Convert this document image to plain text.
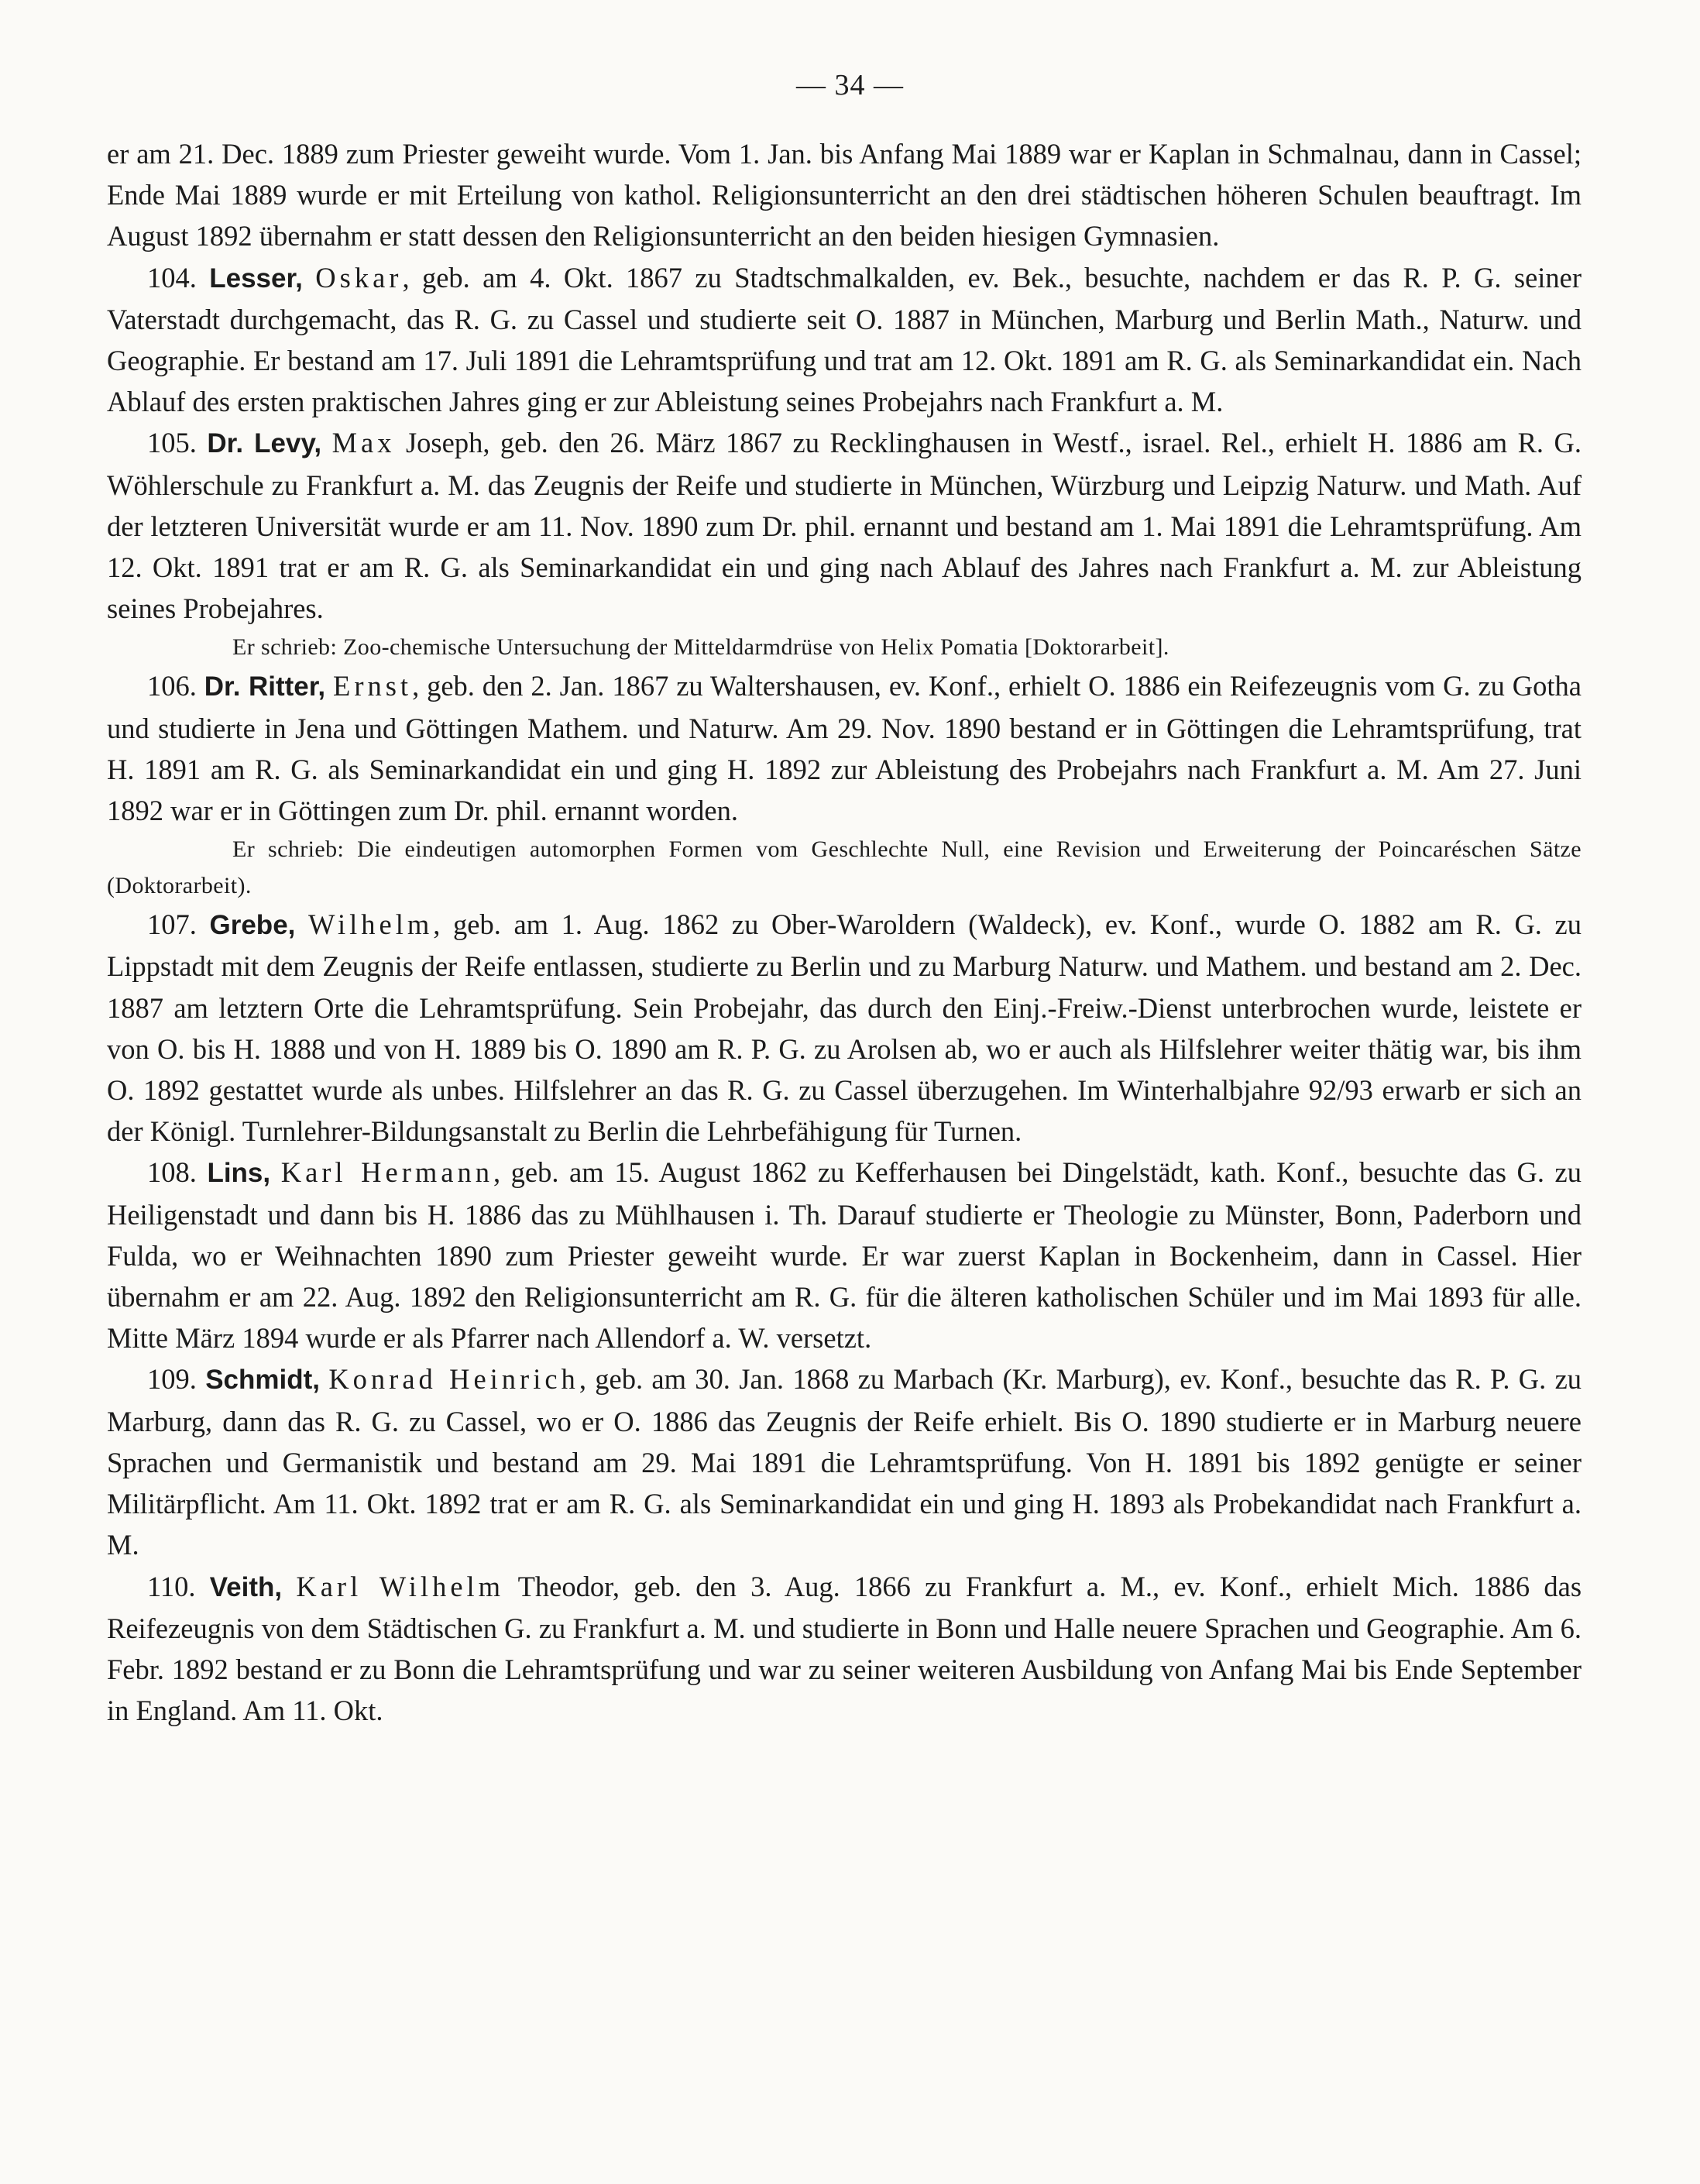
— 34 —

er am 21. Dec. 1889 zum Priester geweiht wurde. Vom 1. Jan. bis Anfang Mai 1889 war er Kaplan in Schmalnau, dann in Cassel; Ende Mai 1889 wurde er mit Erteilung von kathol. Religionsunterricht an den drei städtischen höheren Schulen beauftragt. Im August 1892 übernahm er statt dessen den Religionsunterricht an den beiden hiesigen Gymnasien.

104. Lesser, Oskar, geb. am 4. Okt. 1867 zu Stadtschmalkalden, ev. Bek., besuchte, nachdem er das R. P. G. seiner Vaterstadt durchgemacht, das R. G. zu Cassel und studierte seit O. 1887 in München, Marburg und Berlin Math., Naturw. und Geographie. Er bestand am 17. Juli 1891 die Lehramtsprüfung und trat am 12. Okt. 1891 am R. G. als Seminarkandidat ein. Nach Ablauf des ersten praktischen Jahres ging er zur Ableistung seines Probejahrs nach Frankfurt a. M.

105. Dr. Levy, Max Joseph, geb. den 26. März 1867 zu Recklinghausen in Westf., israel. Rel., erhielt H. 1886 am R. G. Wöhlerschule zu Frankfurt a. M. das Zeugnis der Reife und studierte in München, Würzburg und Leipzig Naturw. und Math. Auf der letzteren Universität wurde er am 11. Nov. 1890 zum Dr. phil. ernannt und bestand am 1. Mai 1891 die Lehramtsprüfung. Am 12. Okt. 1891 trat er am R. G. als Seminarkandidat ein und ging nach Ablauf des Jahres nach Frankfurt a. M. zur Ableistung seines Probejahres.

Er schrieb: Zoo-chemische Untersuchung der Mitteldarmdrüse von Helix Pomatia [Doktorarbeit].

106. Dr. Ritter, Ernst, geb. den 2. Jan. 1867 zu Waltershausen, ev. Konf., erhielt O. 1886 ein Reifezeugnis vom G. zu Gotha und studierte in Jena und Göttingen Mathem. und Naturw. Am 29. Nov. 1890 bestand er in Göttingen die Lehramtsprüfung, trat H. 1891 am R. G. als Seminarkandidat ein und ging H. 1892 zur Ableistung des Probejahrs nach Frankfurt a. M. Am 27. Juni 1892 war er in Göttingen zum Dr. phil. ernannt worden.

Er schrieb: Die eindeutigen automorphen Formen vom Geschlechte Null, eine Revision und Erweiterung der Poincaréschen Sätze (Doktorarbeit).

107. Grebe, Wilhelm, geb. am 1. Aug. 1862 zu Ober-Waroldern (Waldeck), ev. Konf., wurde O. 1882 am R. G. zu Lippstadt mit dem Zeugnis der Reife entlassen, studierte zu Berlin und zu Marburg Naturw. und Mathem. und bestand am 2. Dec. 1887 am letztern Orte die Lehramtsprüfung. Sein Probejahr, das durch den Einj.-Freiw.-Dienst unterbrochen wurde, leistete er von O. bis H. 1888 und von H. 1889 bis O. 1890 am R. P. G. zu Arolsen ab, wo er auch als Hilfslehrer weiter thätig war, bis ihm O. 1892 gestattet wurde als unbes. Hilfslehrer an das R. G. zu Cassel überzugehen. Im Winterhalbjahre 92/93 erwarb er sich an der Königl. Turnlehrer-Bildungsanstalt zu Berlin die Lehrbefähigung für Turnen.

108. Lins, Karl Hermann, geb. am 15. August 1862 zu Kefferhausen bei Dingelstädt, kath. Konf., besuchte das G. zu Heiligenstadt und dann bis H. 1886 das zu Mühlhausen i. Th. Darauf studierte er Theologie zu Münster, Bonn, Paderborn und Fulda, wo er Weihnachten 1890 zum Priester geweiht wurde. Er war zuerst Kaplan in Bockenheim, dann in Cassel. Hier übernahm er am 22. Aug. 1892 den Religionsunterricht am R. G. für die älteren katholischen Schüler und im Mai 1893 für alle. Mitte März 1894 wurde er als Pfarrer nach Allendorf a. W. versetzt.

109. Schmidt, Konrad Heinrich, geb. am 30. Jan. 1868 zu Marbach (Kr. Marburg), ev. Konf., besuchte das R. P. G. zu Marburg, dann das R. G. zu Cassel, wo er O. 1886 das Zeugnis der Reife erhielt. Bis O. 1890 studierte er in Marburg neuere Sprachen und Germanistik und bestand am 29. Mai 1891 die Lehramtsprüfung. Von H. 1891 bis 1892 genügte er seiner Militärpflicht. Am 11. Okt. 1892 trat er am R. G. als Seminarkandidat ein und ging H. 1893 als Probekandidat nach Frankfurt a. M.

110. Veith, Karl Wilhelm Theodor, geb. den 3. Aug. 1866 zu Frankfurt a. M., ev. Konf., erhielt Mich. 1886 das Reifezeugnis von dem Städtischen G. zu Frankfurt a. M. und studierte in Bonn und Halle neuere Sprachen und Geographie. Am 6. Febr. 1892 bestand er zu Bonn die Lehramtsprüfung und war zu seiner weiteren Ausbildung von Anfang Mai bis Ende September in England. Am 11. Okt.
